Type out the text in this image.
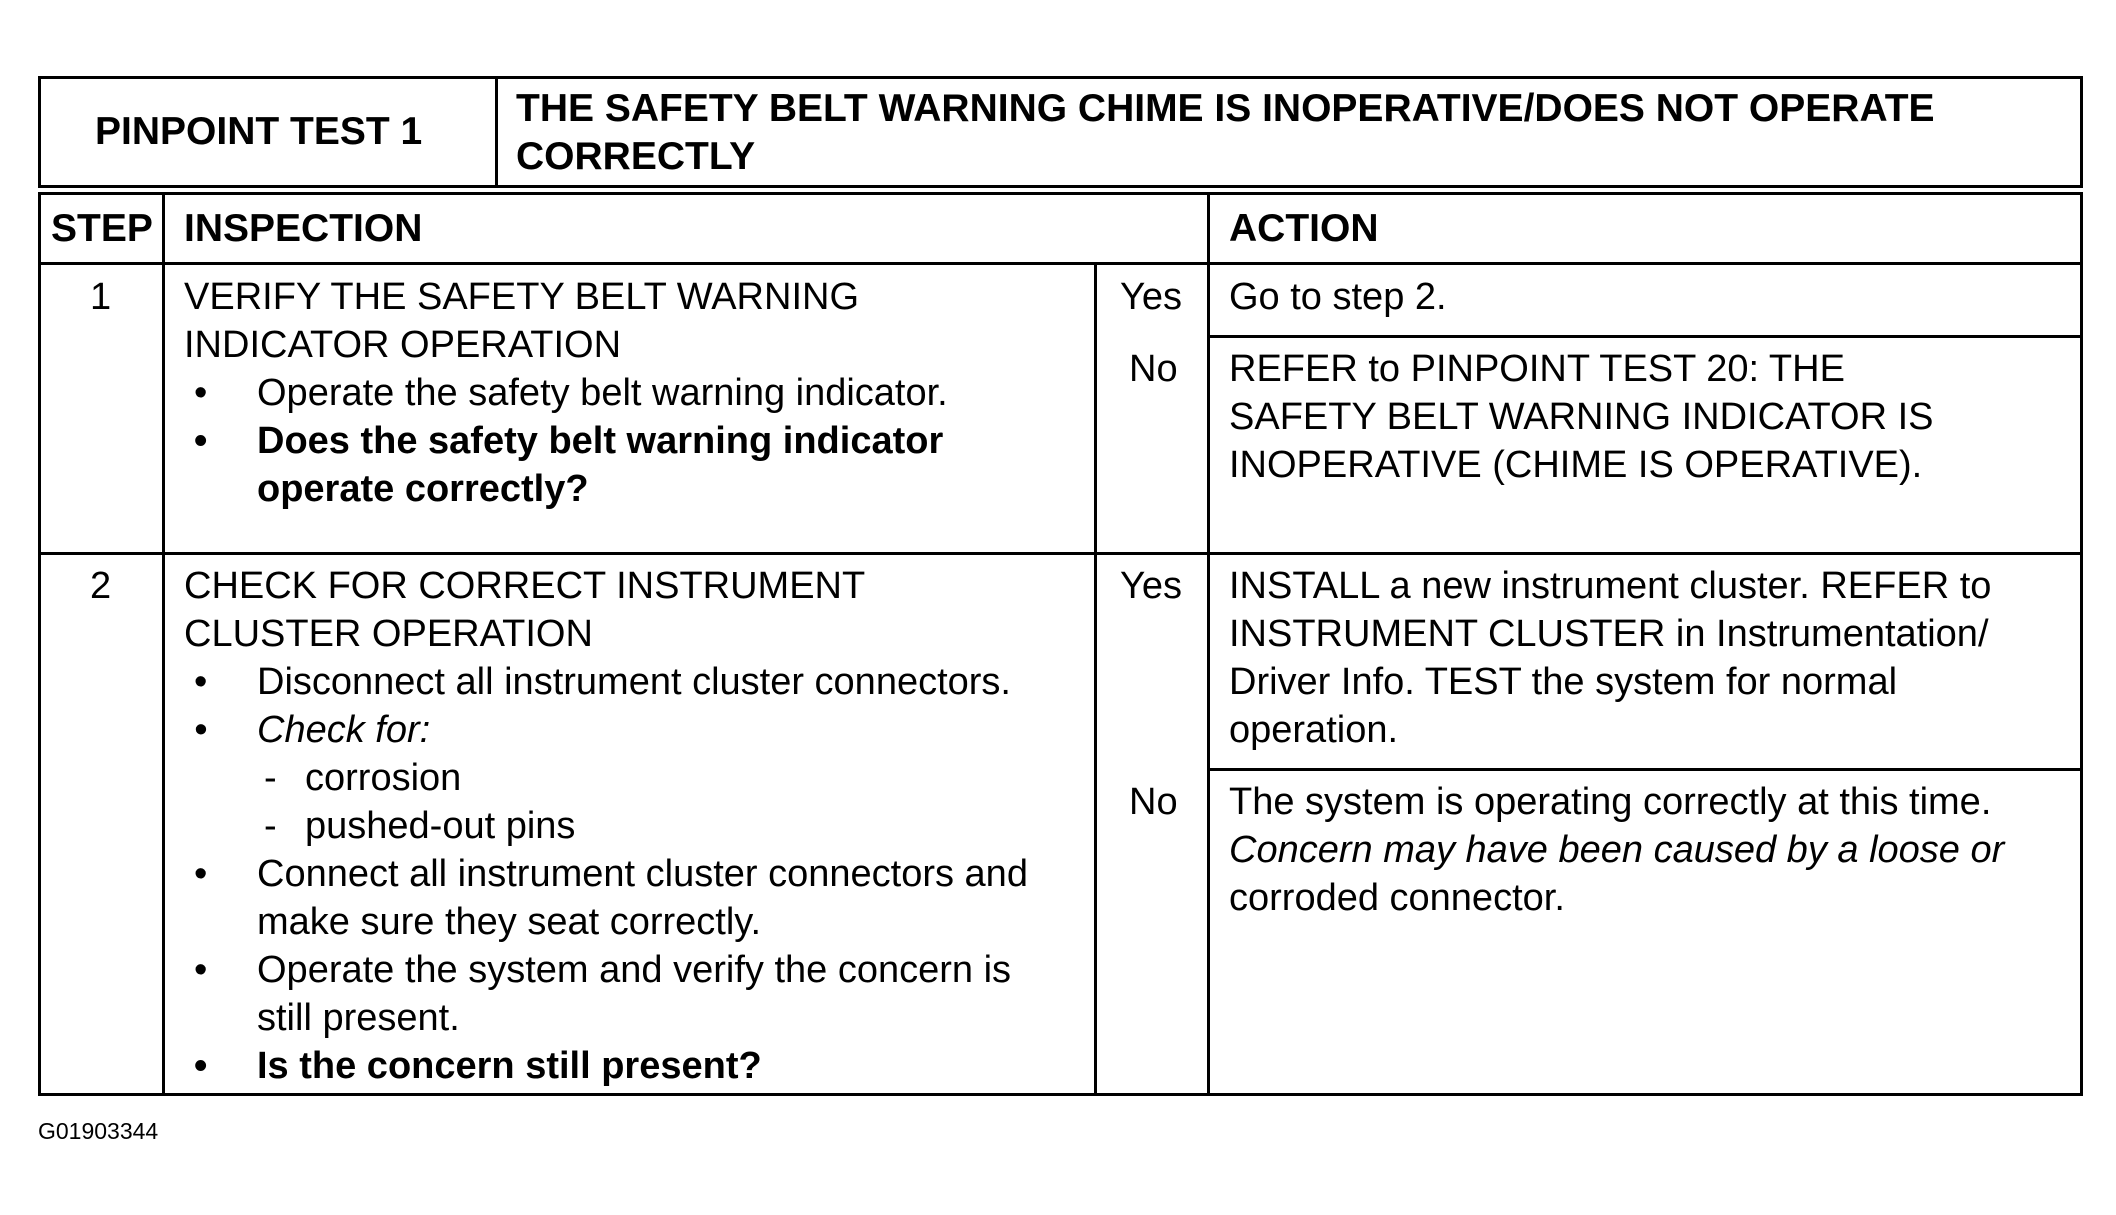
PINPOINT TEST 1
THE SAFETY BELT WARNING CHIME IS INOPERATIVE/DOES NOT OPERATE
CORRECTLY
STEP INSPECTION	ACTION
1 VERIFY THE SAFETY BELT WARNING
INDICATOR OPERATION
• Operate the safety belt warning indicator.
• Does the safety belt warning indicator
operate correctly?
Yes Go to step 2.
No REFER to PINPOINT TEST 20: THE
SAFETY BELT WARNING INDICATOR IS
INOPERATIVE (CHIME IS OPERATIVE).
2 CHECK FOR CORRECT INSTRUMENT
CLUSTER OPERATION
• Disconnect all instrument cluster connectors.
• Check for:
- corrosion
- pushed-out pins
• Connect all instrument cluster connectors and
make sure they seat correctly.
• Operate the system and verify the concern is
still present.
• Is the concern still present?
Yes INSTALL a new instrument cluster. REFER to
INSTRUMENT CLUSTER in Instrumentation/
Driver Info. TEST the system for normal
operation.
No The system is operating correctly at this time.
Concern may have been caused by a loose or
corroded connector.
G01903344
